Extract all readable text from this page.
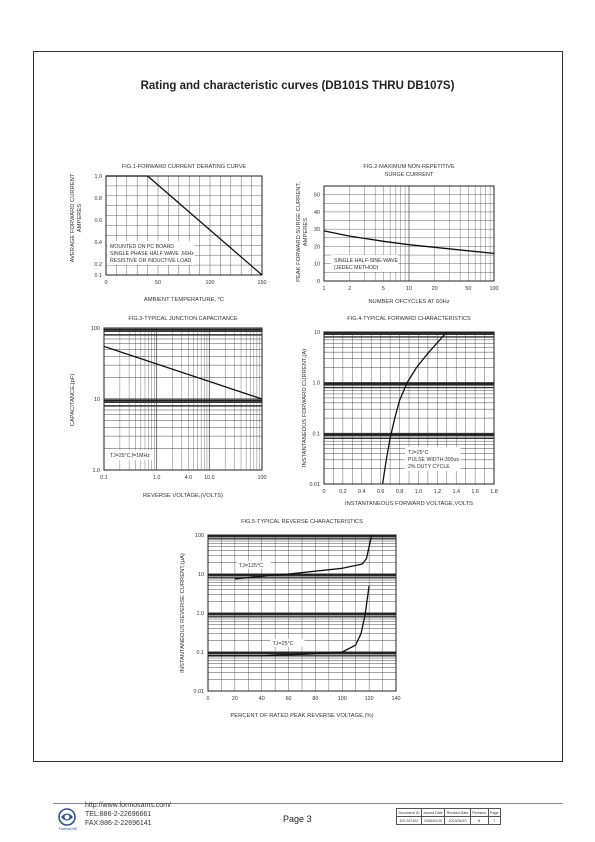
Rating and characteristic curves (DB101S THRU DB107S)
FIG.1-FORWARD CURRENT DERATING CURVE
0	50	100	150
1.0
0.8
0.6
0.4
0.2
0.1
AMBIENT TEMPERATURE, °C
AVERAGE FORWARD CURRENT AMPERES
MOUNTED ON PC BOARD
SINGLE PHASE HALF WAVE ,60Hz
RESISTIVE OR INDUCTIVE LOAD
FIG.2-MAXIMUM NON-REPETITIVE
SURGE CURRENT
1	2	5	10	20	50	100
50
40
30
20
10
0
NUMBER OFCYCLES AT 60Hz
PEAK FORWARD SURGE CURRENT, AMPERES
SINGLE HALF-SINE-WAVE
(JEDEC METHOD)
FIG.3-TYPICAL JUNCTION CAPACITANCE
0.1	1.0	4.0 10.0	100
100
10
1.0
REVERSE VOLTAGE,(VOLTS)
CAPACITANCE,(pF)
TJ=25°C,f=1MHz
FIG.4-TYPICAL FORWARD CHARACTERISTICS
0	0.2 0.4 0.6 0.8 1.0 1.2 1.4 1.6 1.8
10
1.0
0.1
0.01
INSTANTANEOUS FORWARD VOLTAGE,VOLTS
INSTANTANEOUS FORWARD CURRENT,(A)	TJ=25°C
PULSE WIDTH:300us
2% DUTY CYCLE
FIG.5-TYPICAL REVERSE CHARACTERISTICS
0	20	40	60	80	100	120	140
100
10
1.0
0.1
0.01
PERCENT OF RATED PEAK REVERSE VOLTAGE,(%)
INSTANTANEOUS REVERSE CURRENT,(μA)	TJ=125°C
TJ=25°C
Formosa MS
http://www.formosams.com/
TEL:886-2-22696661
FAX:886-2-22696141	Page 3
Document ID	Issued Date	Revised Date	Revision	Page
DS-247102	2006/02/10	2013/06/10	B	7
